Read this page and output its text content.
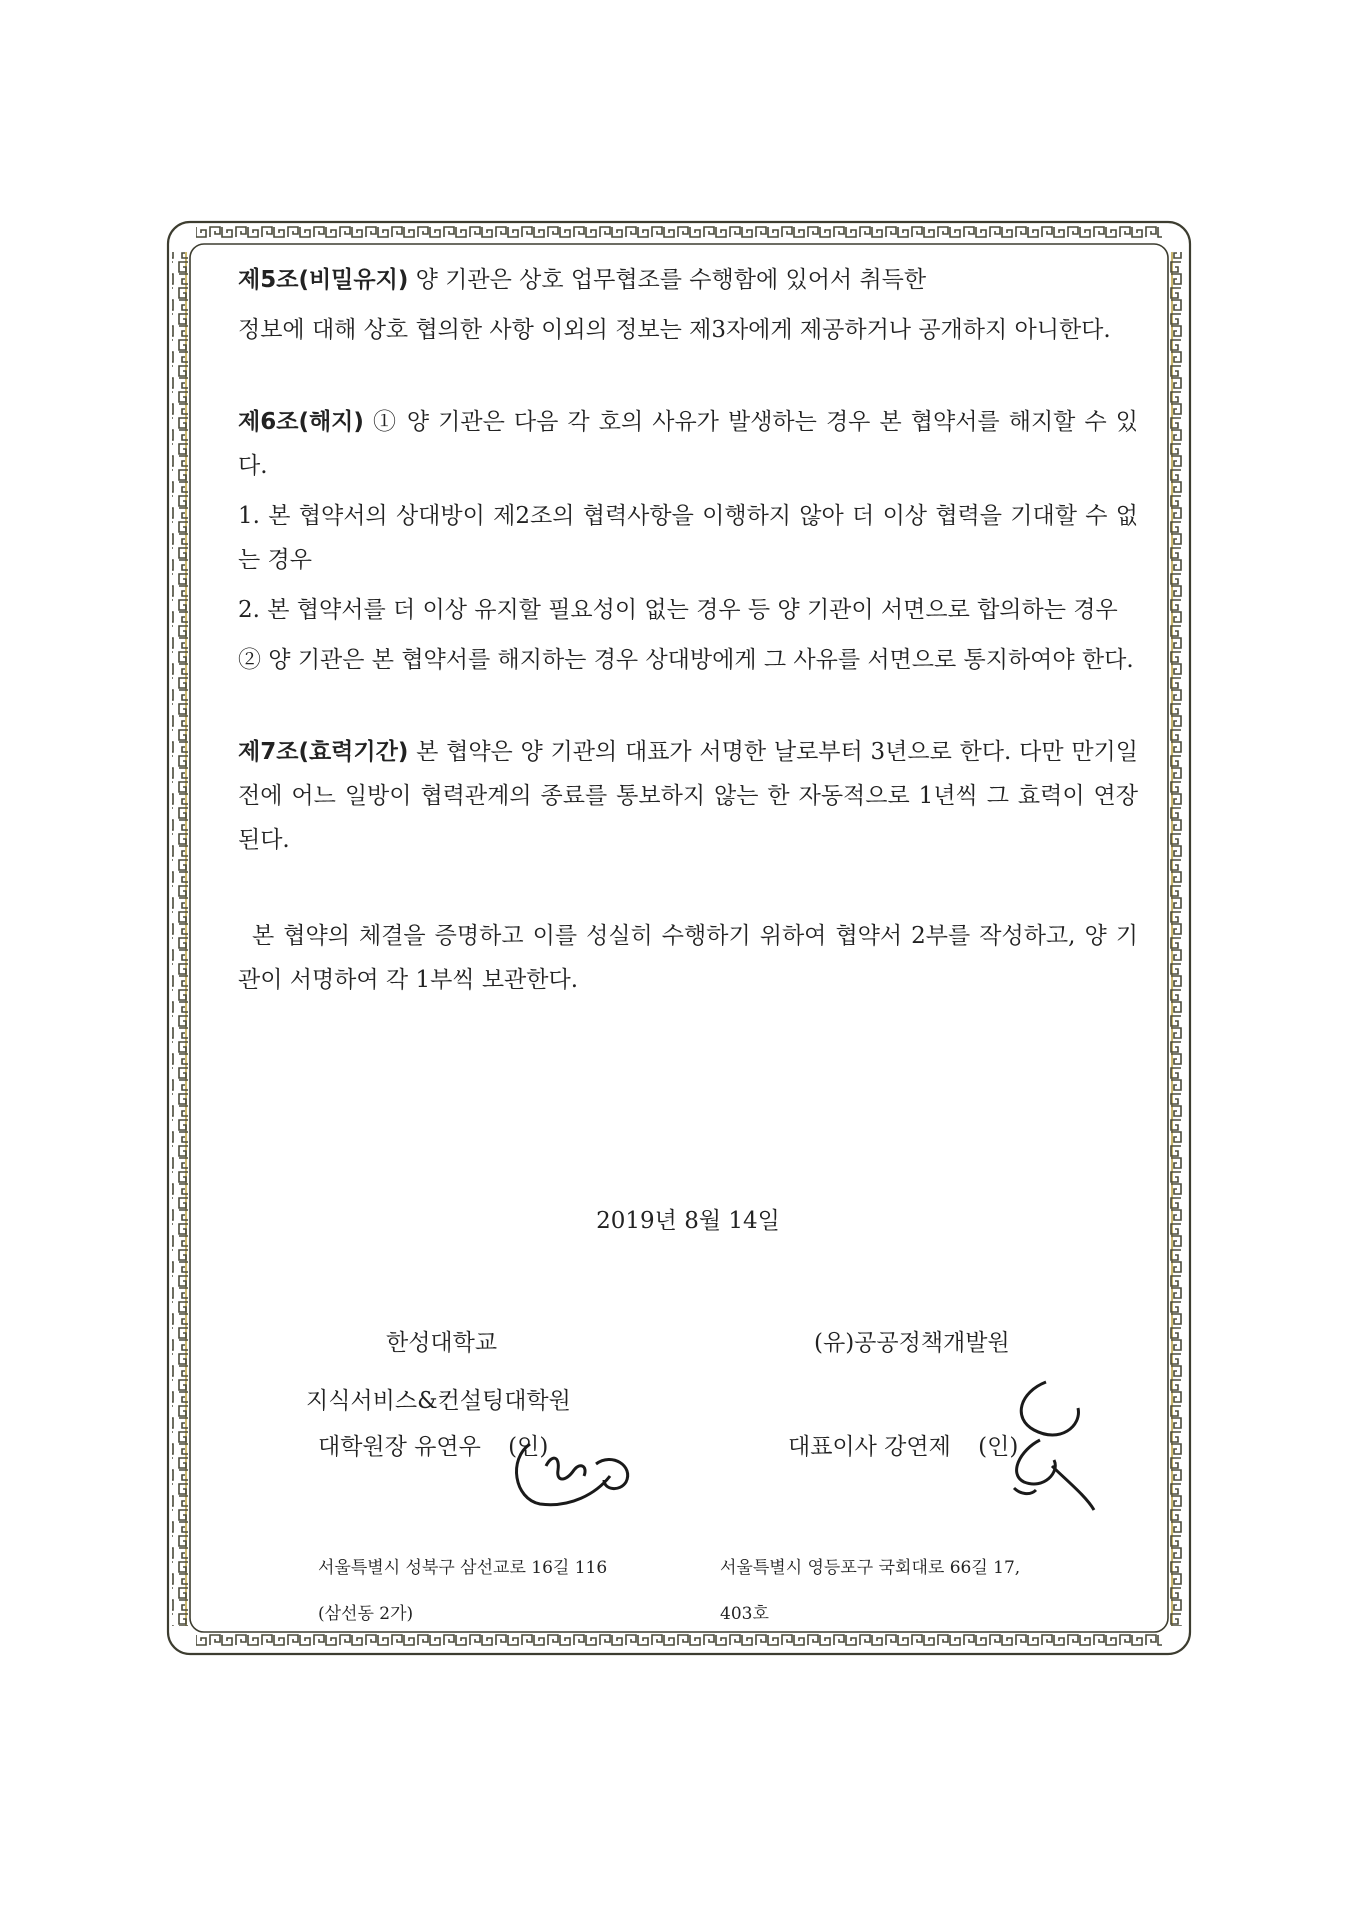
제5조(비밀유지) 양 기관은 상호 업무협조를 수행함에 있어서 취득한

정보에 대해 상호 협의한 사항 이외의 정보는 제3자에게 제공하거나 공개하지 아니한다.

제6조(해지) ① 양 기관은 다음 각 호의 사유가 발생하는 경우 본 협약서를 해지할 수 있다.

1. 본 협약서의 상대방이 제2조의 협력사항을 이행하지 않아 더 이상 협력을 기대할 수 없는 경우

2. 본 협약서를 더 이상 유지할 필요성이 없는 경우 등 양 기관이 서면으로 합의하는 경우

② 양 기관은 본 협약서를 해지하는 경우 상대방에게 그 사유를 서면으로 통지하여야 한다.

제7조(효력기간) 본 협약은 양 기관의 대표가 서명한 날로부터 3년으로 한다. 다만 만기일 전에 어느 일방이 협력관계의 종료를 통보하지 않는 한 자동적으로 1년씩 그 효력이 연장된다.

본 협약의 체결을 증명하고 이를 성실히 수행하기 위하여 협약서 2부를 작성하고, 양 기관이 서명하여 각 1부씩 보관한다.

2019년 8월 14일
한성대학교
지식서비스&컨설팅대학원
대학원장 유연우 (인)
서울특별시 성북구 삼선교로 16길 116
(삼선동 2가)
(유)공공정책개발원
대표이사 강연제 (인)
서울특별시 영등포구 국회대로 66길 17,
403호
